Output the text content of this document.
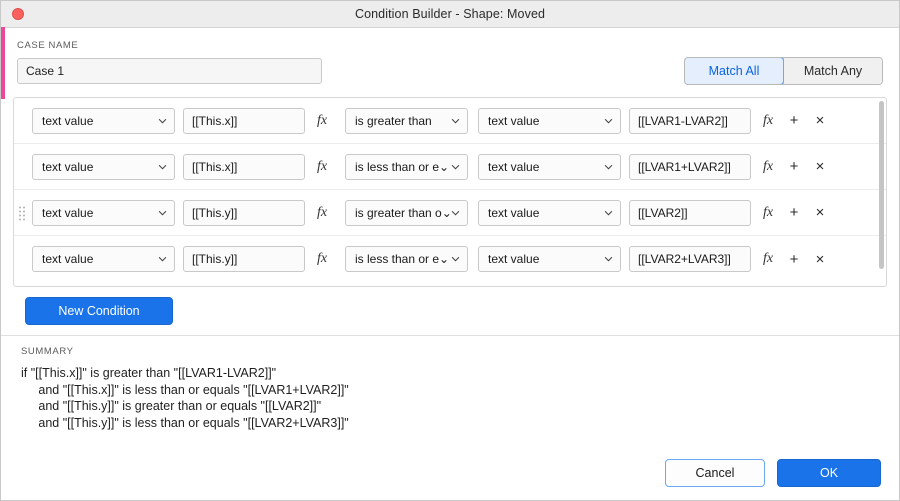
Condition Builder - Shape: Moved
CASE NAME
Case 1
Match All	Match Any
text value	[[This.x]]	fx	is greater than	text value	[[LVAR1-LVAR2]]	fx	+	×
text value	[[This.x]]	fx	is less than or e⌄	text value	[[LVAR1+LVAR2]]	fx	+	×
text value	[[This.y]]	fx	is greater than o⌄	text value	[[LVAR2]]	fx	+	×
text value	[[This.y]]	fx	is less than or e⌄	text value	[[LVAR2+LVAR3]]	fx	+	×
New Condition
SUMMARY
if "[[This.x]]" is greater than "[[LVAR1-LVAR2]]"
and "[[This.x]]" is less than or equals "[[LVAR1+LVAR2]]"
and "[[This.y]]" is greater than or equals "[[LVAR2]]"
and "[[This.y]]" is less than or equals "[[LVAR2+LVAR3]]"
Cancel	OK
